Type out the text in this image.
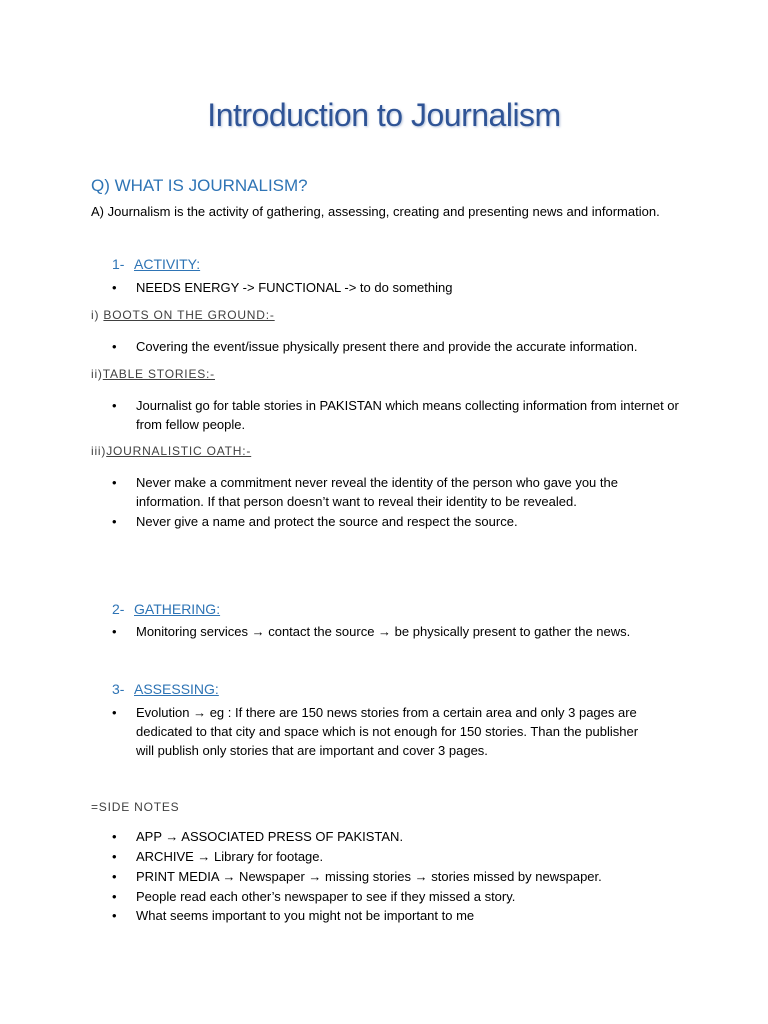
Introduction to Journalism
Q) WHAT IS JOURNALISM?
A) Journalism is the activity of gathering, assessing, creating and presenting news and information.
1- ACTIVITY:
• NEEDS ENERGY -> FUNCTIONAL -> to do something
i) BOOTS ON THE GROUND:-
• Covering the event/issue physically present there and provide the accurate information.
ii)TABLE STORIES:-
• Journalist go for table stories in PAKISTAN which means collecting information from internet or from fellow people.
iii)JOURNALISTIC OATH:-
• Never make a commitment never reveal the identity of the person who gave you the information. If that person doesn’t want to reveal their identity to be revealed.
• Never give a name and protect the source and respect the source.
2- GATHERING:
• Monitoring services → contact the source → be physically present to gather the news.
3- ASSESSING:
• Evolution → eg : If there are 150 news stories from a certain area and only 3 pages are dedicated to that city and space which is not enough for 150 stories. Than the publisher will publish only stories that are important and cover 3 pages.
=SIDE NOTES
• APP → ASSOCIATED PRESS OF PAKISTAN.
• ARCHIVE → Library for footage.
• PRINT MEDIA → Newspaper → missing stories → stories missed by newspaper.
• People read each other’s newspaper to see if they missed a story.
• What seems important to you might not be important to me
